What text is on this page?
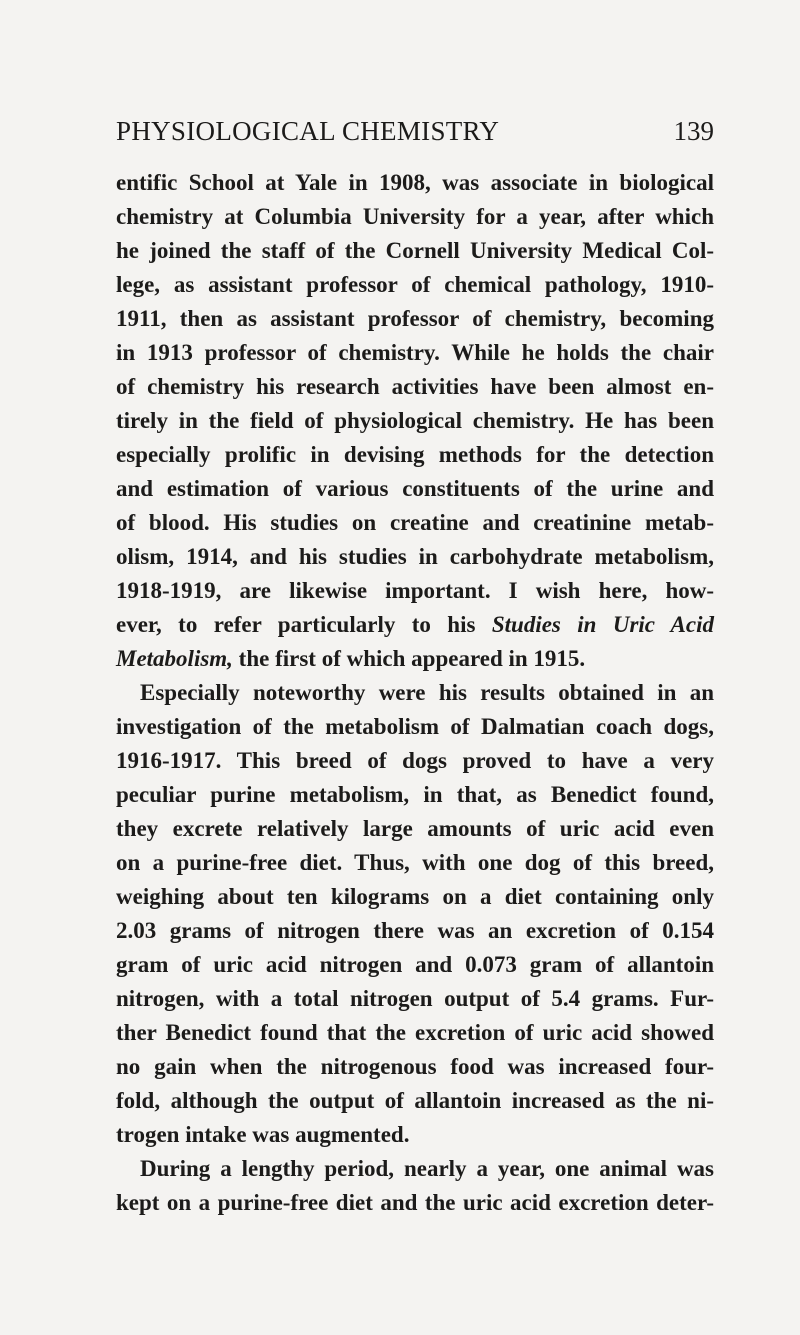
PHYSIOLOGICAL CHEMISTRY	139
entific School at Yale in 1908, was associate in biological
chemistry at Columbia University for a year, after which
he joined the staff of the Cornell University Medical Col-
lege, as assistant professor of chemical pathology, 1910-
1911, then as assistant professor of chemistry, becoming
in 1913 professor of chemistry. While he holds the chair
of chemistry his research activities have been almost en-
tirely in the field of physiological chemistry. He has been
especially prolific in devising methods for the detection
and estimation of various constituents of the urine and
of blood. His studies on creatine and creatinine metab-
olism, 1914, and his studies in carbohydrate metabolism,
1918-1919, are likewise important. I wish here, how-
ever, to refer particularly to his Studies in Uric Acid
Metabolism, the first of which appeared in 1915.
Especially noteworthy were his results obtained in an
investigation of the metabolism of Dalmatian coach dogs,
1916-1917. This breed of dogs proved to have a very
peculiar purine metabolism, in that, as Benedict found,
they excrete relatively large amounts of uric acid even
on a purine-free diet. Thus, with one dog of this breed,
weighing about ten kilograms on a diet containing only
2.03 grams of nitrogen there was an excretion of 0.154
gram of uric acid nitrogen and 0.073 gram of allantoin
nitrogen, with a total nitrogen output of 5.4 grams. Fur-
ther Benedict found that the excretion of uric acid showed
no gain when the nitrogenous food was increased four-
fold, although the output of allantoin increased as the ni-
trogen intake was augmented.
During a lengthy period, nearly a year, one animal was
kept on a purine-free diet and the uric acid excretion deter-
